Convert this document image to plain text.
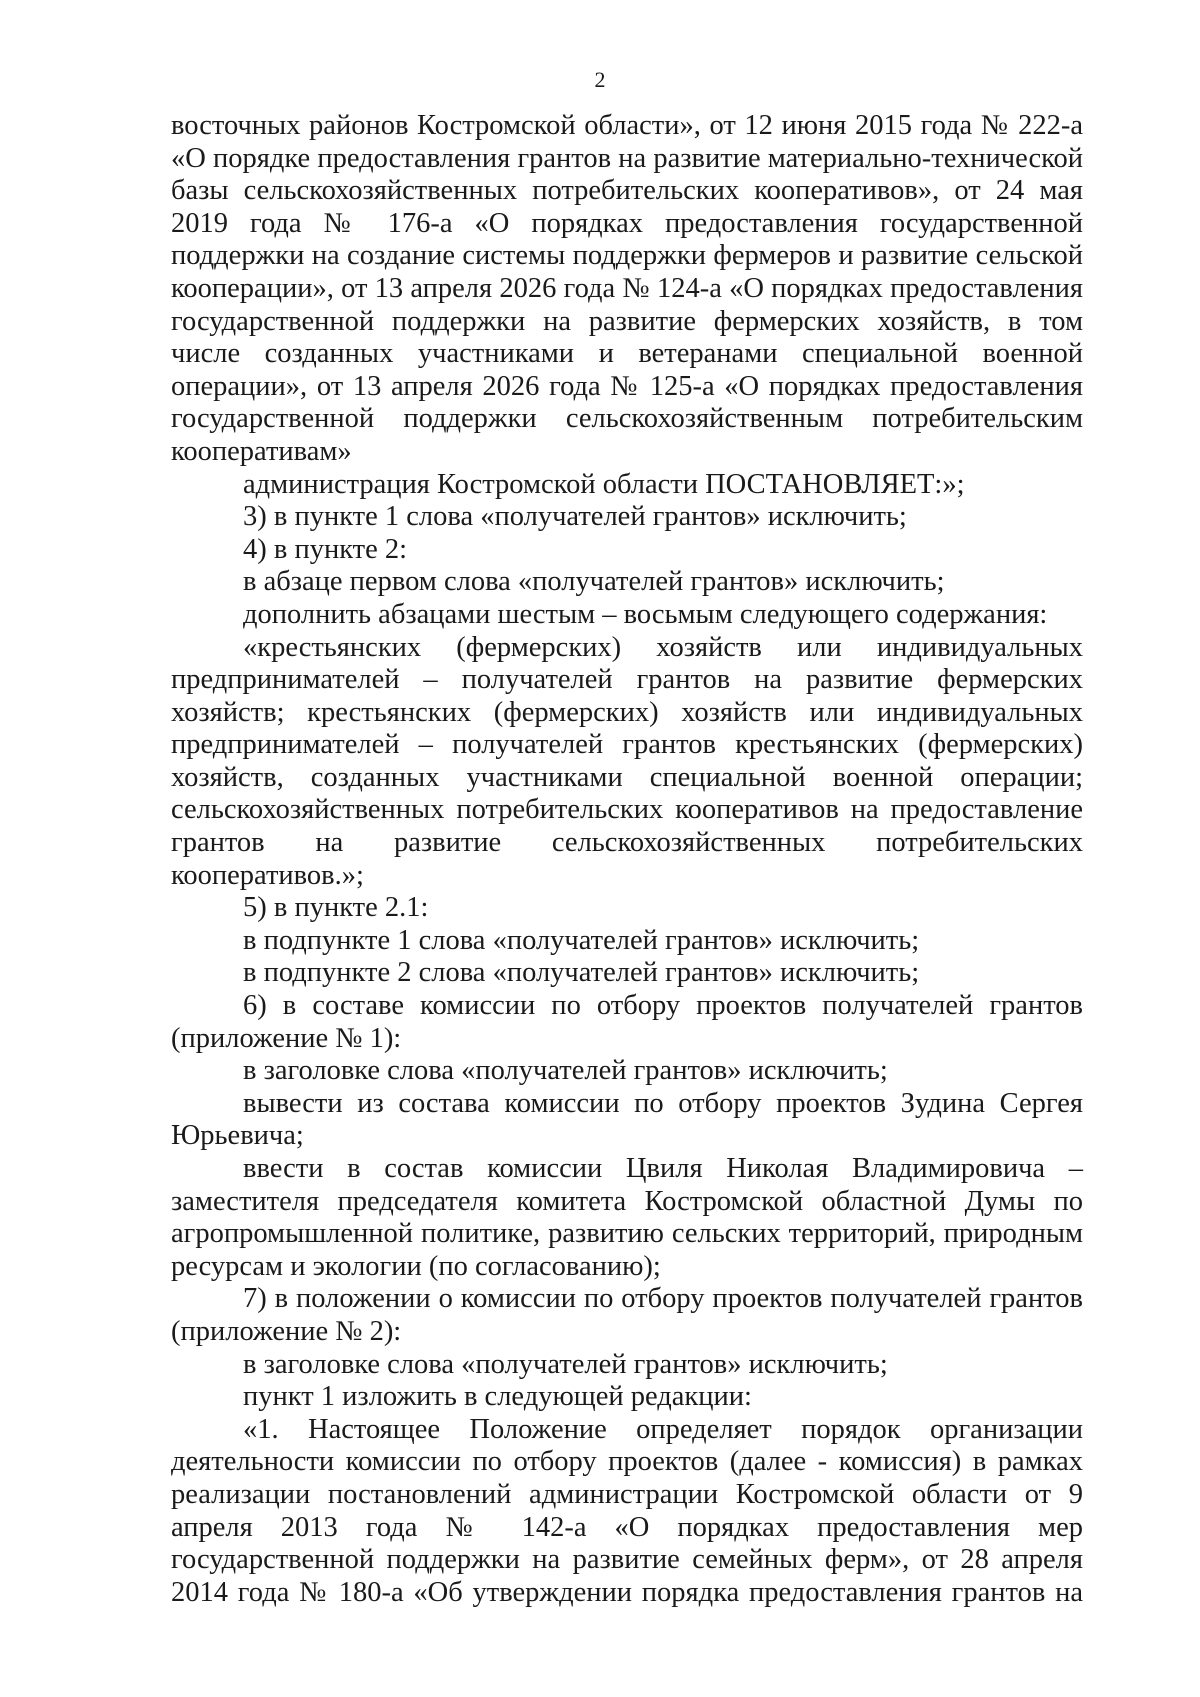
2

восточных районов Костромской области», от 12 июня 2015 года № 222-а «О порядке предоставления грантов на развитие материально-технической базы сельскохозяйственных потребительских кооперативов», от 24 мая 2019 года № 176-а «О порядках предоставления государственной поддержки на создание системы поддержки фермеров и развитие сельской кооперации», от 13 апреля 2026 года № 124-а «О порядках предоставления государственной поддержки на развитие фермерских хозяйств, в том числе созданных участниками и ветеранами специальной военной операции», от 13 апреля 2026 года № 125-а «О порядках предоставления государственной поддержки сельскохозяйственным потребительским кооперативам»

администрация Костромской области ПОСТАНОВЛЯЕТ:»;

3) в пункте 1 слова «получателей грантов» исключить;

4) в пункте 2:

в абзаце первом слова «получателей грантов» исключить;

дополнить абзацами шестым – восьмым следующего содержания:

«крестьянских (фермерских) хозяйств или индивидуальных предпринимателей – получателей грантов на развитие фермерских хозяйств; крестьянских (фермерских) хозяйств или индивидуальных предпринимателей – получателей грантов крестьянских (фермерских) хозяйств, созданных участниками специальной военной операции; сельскохозяйственных потребительских кооперативов на предоставление грантов на развитие сельскохозяйственных потребительских кооперативов.»;

5) в пункте 2.1:

в подпункте 1 слова «получателей грантов» исключить;

в подпункте 2 слова «получателей грантов» исключить;

6) в составе комиссии по отбору проектов получателей грантов (приложение № 1):

в заголовке слова «получателей грантов» исключить;

вывести из состава комиссии по отбору проектов Зудина Сергея Юрьевича;

ввести в состав комиссии Цвиля Николая Владимировича – заместителя председателя комитета Костромской областной Думы по агропромышленной политике, развитию сельских территорий, природным ресурсам и экологии (по согласованию);

7) в положении о комиссии по отбору проектов получателей грантов (приложение № 2):

в заголовке слова «получателей грантов» исключить;

пункт 1 изложить в следующей редакции:

«1. Настоящее Положение определяет порядок организации деятельности комиссии по отбору проектов (далее - комиссия) в рамках реализации постановлений администрации Костромской области от 9 апреля 2013 года № 142-а «О порядках предоставления мер государственной поддержки на развитие семейных ферм», от 28 апреля 2014 года № 180-а «Об утверждении порядка предоставления грантов на
